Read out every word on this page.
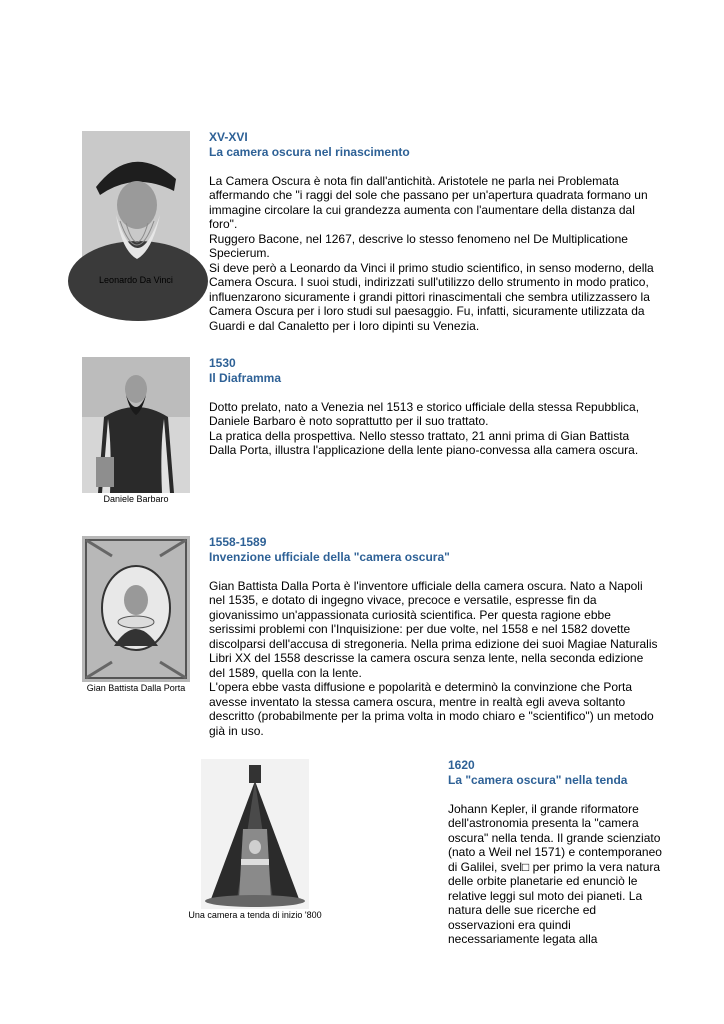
Leonardo Da Vinci
XV-XVI
La camera oscura nel rinascimento

La Camera Oscura è nota fin dall'antichità. Aristotele ne parla nei Problemata affermando che "i raggi del sole che passano per un'apertura quadrata formano un immagine circolare la cui grandezza aumenta con l'aumentare della distanza dal foro".

Ruggero Bacone, nel 1267, descrive lo stesso fenomeno nel De Multiplicatione Specierum.

Si deve però a Leonardo da Vinci il primo studio scientifico, in senso moderno, della Camera Oscura. I suoi studi, indirizzati sull'utilizzo dello strumento in modo pratico, influenzarono sicuramente i grandi pittori rinascimentali che sembra utilizzassero la Camera Oscura per i loro studi sul paesaggio. Fu, infatti, sicuramente utilizzata da Guardi e dal Canaletto per i loro dipinti su Venezia.

Daniele Barbaro
1530
Il Diaframma

Dotto prelato, nato a Venezia nel 1513 e storico ufficiale della stessa Repubblica, Daniele Barbaro è noto soprattutto per il suo trattato.

La pratica della prospettiva. Nello stesso trattato, 21 anni prima di Gian Battista Dalla Porta, illustra l'applicazione della lente piano-convessa alla camera oscura.

Gian Battista Dalla Porta
1558-1589
Invenzione ufficiale della "camera oscura"

Gian Battista Dalla Porta è l'inventore ufficiale della camera oscura. Nato a Napoli nel 1535, e dotato di ingegno vivace, precoce e versatile, espresse fin da giovanissimo un'appassionata curiosità scientifica. Per questa ragione ebbe serissimi problemi con l'Inquisizione: per due volte, nel 1558 e nel 1582 dovette discolparsi dell'accusa di stregoneria. Nella prima edizione dei suoi Magiae Naturalis Libri XX del 1558 descrisse la camera oscura senza lente, nella seconda edizione del 1589, quella con la lente.

L'opera ebbe vasta diffusione e popolarità e determinò la convinzione che Porta avesse inventato la stessa camera oscura, mentre in realtà egli aveva soltanto descritto (probabilmente per la prima volta in modo chiaro e "scientifico") un metodo già in uso.

Una camera a tenda di inizio '800
1620
La "camera oscura" nella tenda

Johann Kepler, il grande riformatore dell'astronomia presenta la "camera oscura" nella tenda. Il grande scienziato (nato a Weil nel 1571) e contemporaneo di Galilei, svel□ per primo la vera natura delle orbite planetarie ed enunciò le relative leggi sul moto dei pianeti. La natura delle sue ricerche ed osservazioni era quindi necessariamente legata alla
